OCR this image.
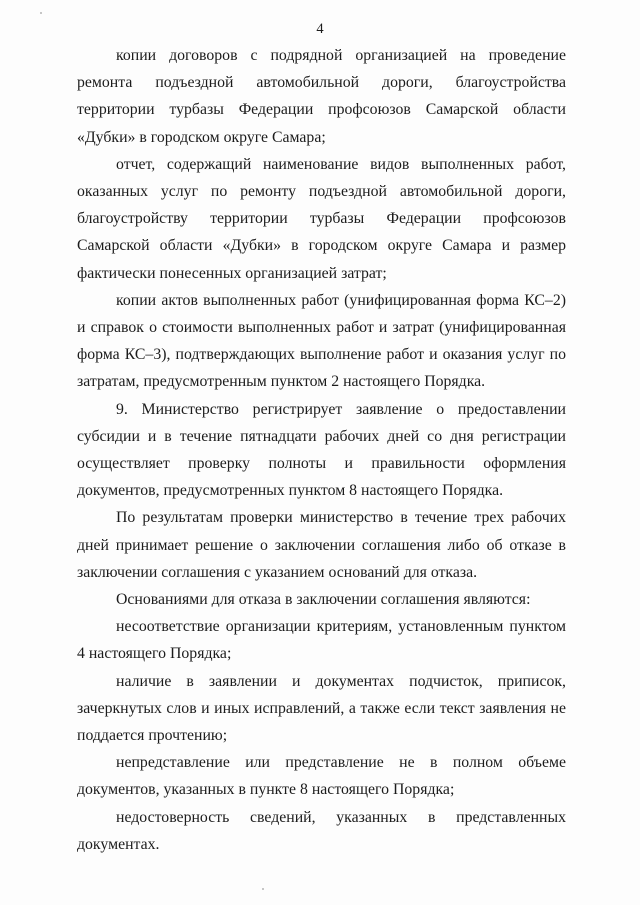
4

копии договоров с подрядной организацией на проведение ремонта подъездной автомобильной дороги, благоустройства территории турбазы Федерации профсоюзов Самарской области «Дубки» в городском округе Самара;

отчет, содержащий наименование видов выполненных работ, оказанных услуг по ремонту подъездной автомобильной дороги, благоустройству территории турбазы Федерации профсоюзов Самарской области «Дубки» в городском округе Самара и размер фактически понесенных организацией затрат;

копии актов выполненных работ (унифицированная форма КС–2) и справок о стоимости выполненных работ и затрат (унифицированная форма КС–3), подтверждающих выполнение работ и оказания услуг по затратам, предусмотренным пунктом 2 настоящего Порядка.

9. Министерство регистрирует заявление о предоставлении субсидии и в течение пятнадцати рабочих дней со дня регистрации осуществляет проверку полноты и правильности оформления документов, предусмотренных пунктом 8 настоящего Порядка.

По результатам проверки министерство в течение трех рабочих дней принимает решение о заключении соглашения либо об отказе в заключении соглашения с указанием оснований для отказа.

Основаниями для отказа в заключении соглашения являются:

несоответствие организации критериям, установленным пунктом 4 настоящего Порядка;

наличие в заявлении и документах подчисток, приписок, зачеркнутых слов и иных исправлений, а также если текст заявления не поддается прочтению;

непредставление или представление не в полном объеме документов, указанных в пункте 8 настоящего Порядка;

недостоверность сведений, указанных в представленных документах.
